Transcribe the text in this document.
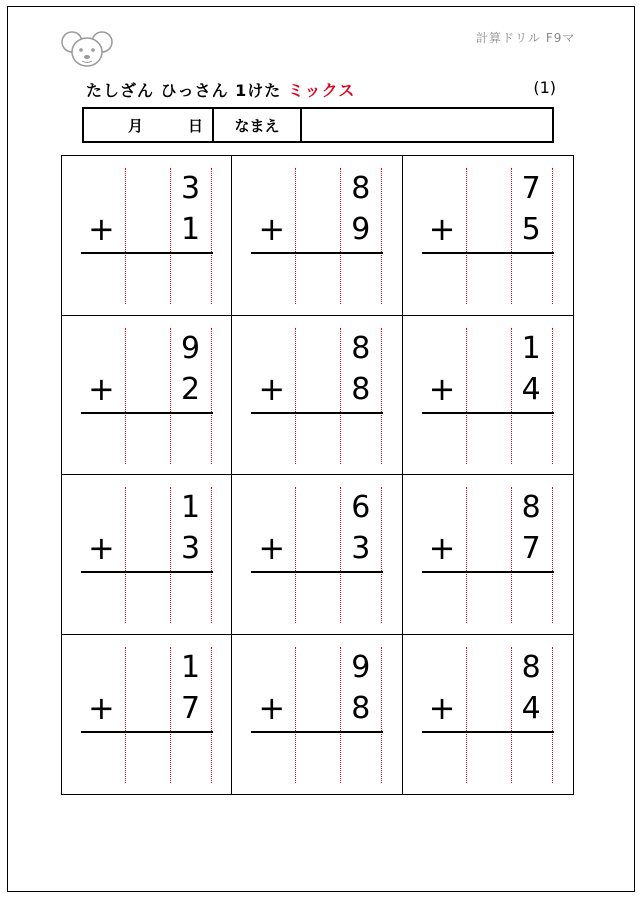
計算ドリル F9マ
たしざん ひっさん 1けた ミックス	(1)
月	日	なまえ
3
+	1
8
+	9
7
+	5
9
+	2
8
+	8
1
+	4
1
+	3
6
+	3
8
+	7
1
+	7
9
+	8
8
+	4
